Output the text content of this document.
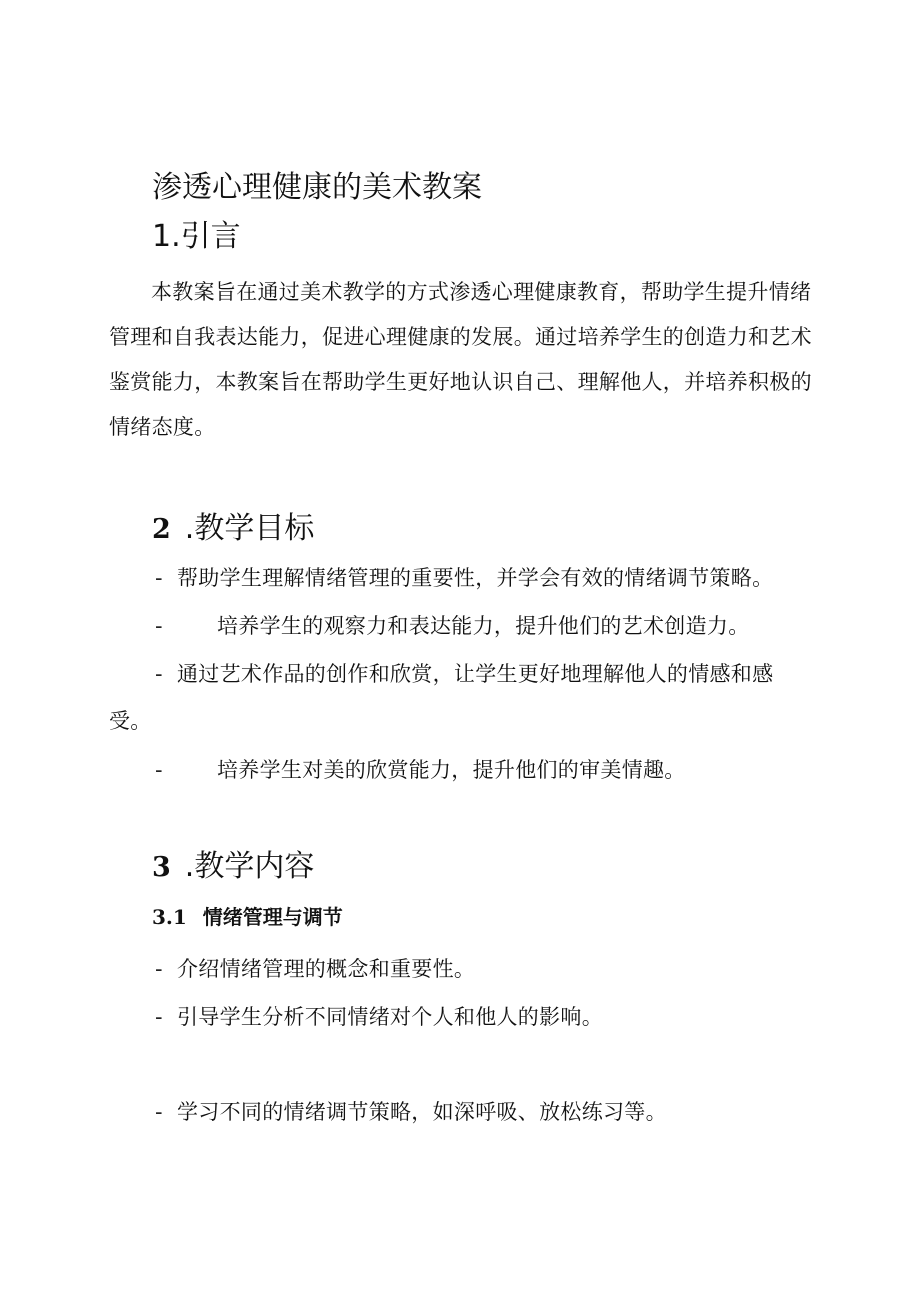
渗透心理健康的美术教案
1.引言
本教案旨在通过美术教学的方式渗透心理健康教育，帮助学生提升情绪管理和自我表达能力，促进心理健康的发展。通过培养学生的创造力和艺术鉴赏能力，本教案旨在帮助学生更好地认识自己、理解他人，并培养积极的情绪态度。
2 .教学目标
- 帮助学生理解情绪管理的重要性，并学会有效的情绪调节策略。
-	培养学生的观察力和表达能力，提升他们的艺术创造力。
- 通过艺术作品的创作和欣赏，让学生更好地理解他人的情感和感
受。
-	培养学生对美的欣赏能力，提升他们的审美情趣。
3 .教学内容
3.1 情绪管理与调节
- 介绍情绪管理的概念和重要性。
- 引导学生分析不同情绪对个人和他人的影响。
- 学习不同的情绪调节策略，如深呼吸、放松练习等。
